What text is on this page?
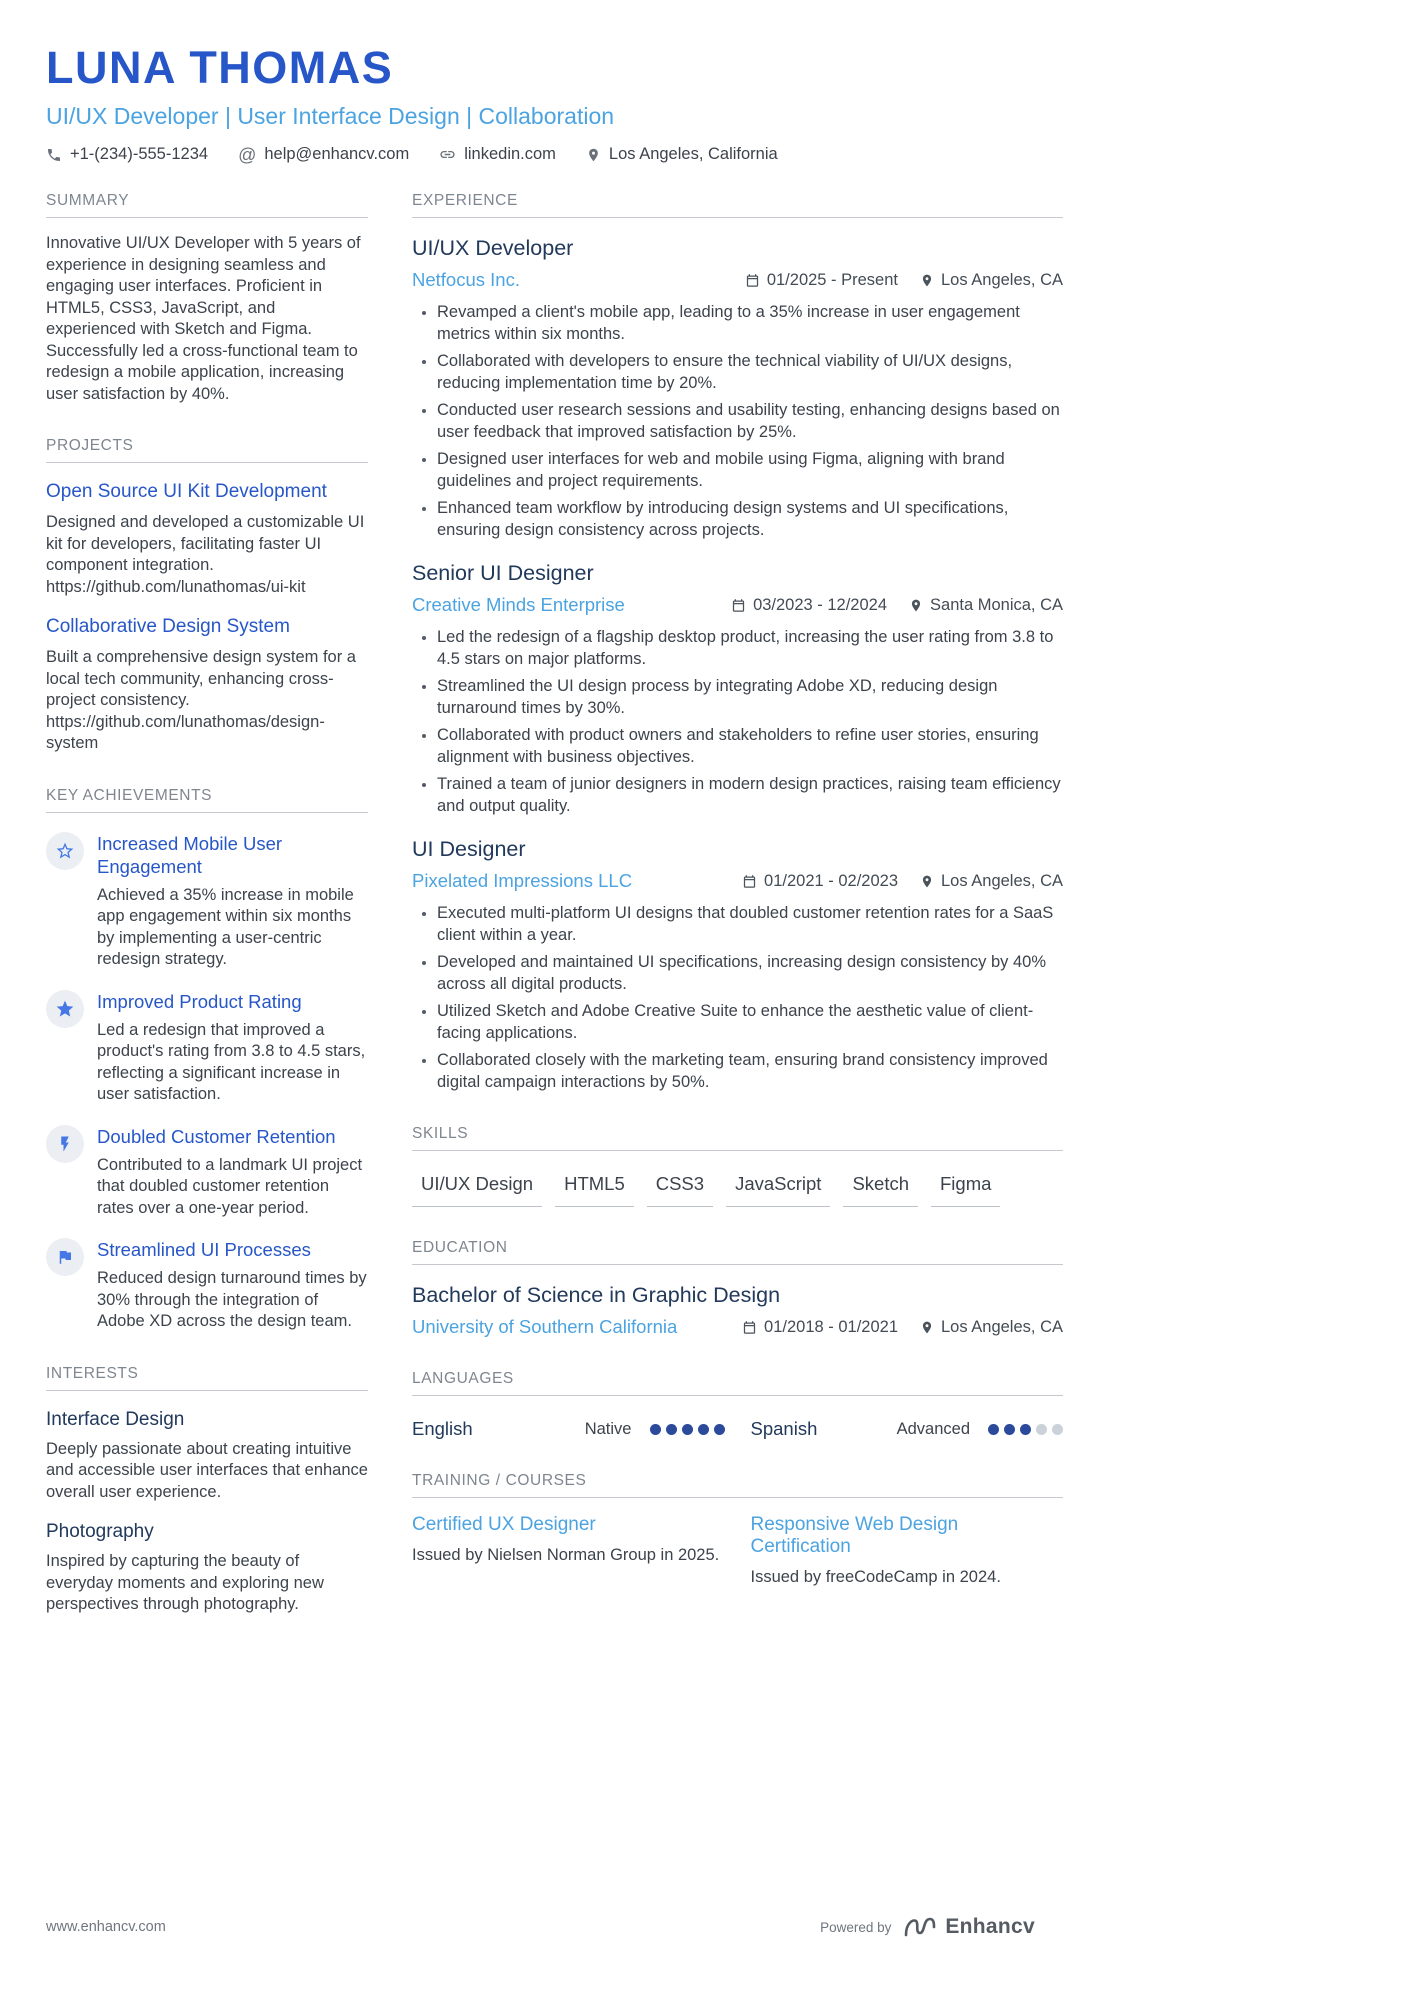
LUNA THOMAS
UI/UX Developer | User Interface Design | Collaboration
+1-(234)-555-1234 @ help@enhancv.com	linkedin.com	Los Angeles, California
SUMMARY

Innovative UI/UX Developer with 5 years of experience in designing seamless and engaging user interfaces. Proficient in HTML5, CSS3, JavaScript, and experienced with Sketch and Figma. Successfully led a cross-functional team to redesign a mobile application, increasing user satisfaction by 40%.

PROJECTS
Open Source UI Kit Development

Designed and developed a customizable UI kit for developers, facilitating faster UI component integration.

https://github.com/lunathomas/ui-kit

Collaborative Design System

Built a comprehensive design system for a local tech community, enhancing cross-project consistency.

https://github.com/lunathomas/design-system

KEY ACHIEVEMENTS
Increased Mobile User Engagement

Achieved a 35% increase in mobile app engagement within six months by implementing a user-centric redesign strategy.

Improved Product Rating

Led a redesign that improved a product's rating from 3.8 to 4.5 stars, reflecting a significant increase in user satisfaction.

Doubled Customer Retention

Contributed to a landmark UI project that doubled customer retention rates over a one-year period.

Streamlined UI Processes

Reduced design turnaround times by 30% through the integration of Adobe XD across the design team.

INTERESTS
Interface Design

Deeply passionate about creating intuitive and accessible user interfaces that enhance overall user experience.

Photography

Inspired by capturing the beauty of everyday moments and exploring new perspectives through photography.

EXPERIENCE
UI/UX Developer
Netfocus Inc.	01/2025 - Present	Los Angeles, CA
• Revamped a client's mobile app, leading to a 35% increase in user engagement metrics within six months.
• Collaborated with developers to ensure the technical viability of UI/UX designs, reducing implementation time by 20%.
• Conducted user research sessions and usability testing, enhancing designs based on user feedback that improved satisfaction by 25%.
• Designed user interfaces for web and mobile using Figma, aligning with brand guidelines and project requirements.
• Enhanced team workflow by introducing design systems and UI specifications, ensuring design consistency across projects.
Senior UI Designer
Creative Minds Enterprise	03/2023 - 12/2024	Santa Monica, CA
• Led the redesign of a flagship desktop product, increasing the user rating from 3.8 to 4.5 stars on major platforms.
• Streamlined the UI design process by integrating Adobe XD, reducing design turnaround times by 30%.
• Collaborated with product owners and stakeholders to refine user stories, ensuring alignment with business objectives.
• Trained a team of junior designers in modern design practices, raising team efficiency and output quality.
UI Designer
Pixelated Impressions LLC	01/2021 - 02/2023	Los Angeles, CA
• Executed multi-platform UI designs that doubled customer retention rates for a SaaS client within a year.
• Developed and maintained UI specifications, increasing design consistency by 40% across all digital products.
• Utilized Sketch and Adobe Creative Suite to enhance the aesthetic value of client-facing applications.
• Collaborated closely with the marketing team, ensuring brand consistency improved digital campaign interactions by 50%.
SKILLS
UI/UX Design	HTML5	CSS3	JavaScript	Sketch	Figma
EDUCATION
Bachelor of Science in Graphic Design
University of Southern California	01/2018 - 01/2021	Los Angeles, CA
LANGUAGES
English	Native	Spanish	Advanced
TRAINING / COURSES
Certified UX Designer

Issued by Nielsen Norman Group in 2025.

Responsive Web Design Certification

Issued by freeCodeCamp in 2024.

www.enhancv.com	Powered by	Enhancv
